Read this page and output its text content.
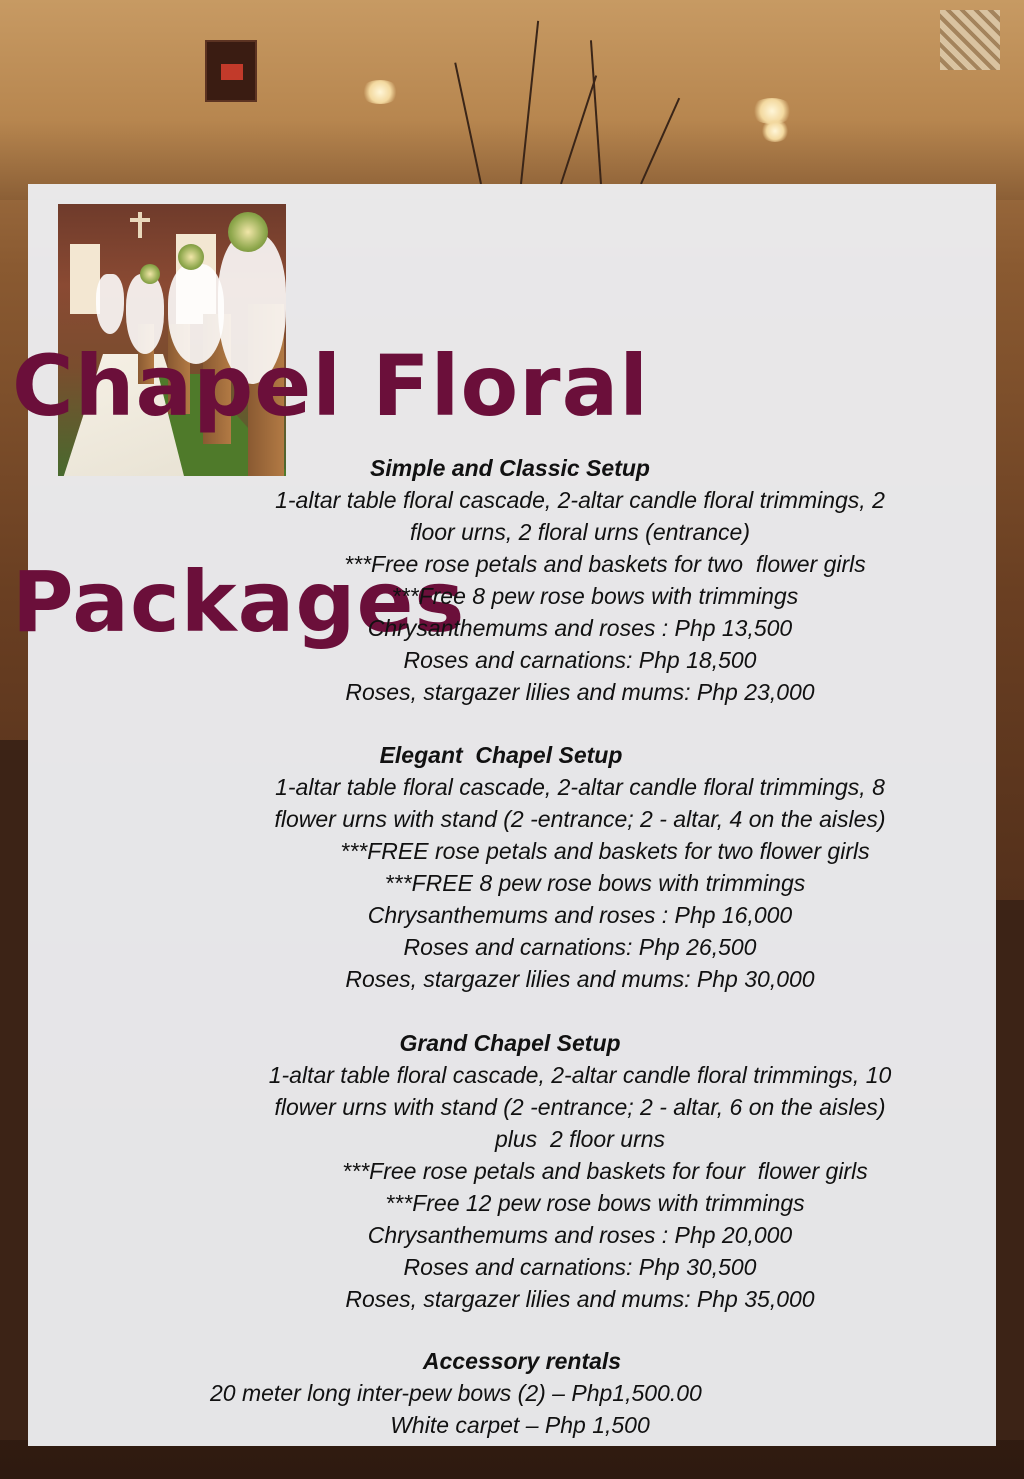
Chapel Floral
Packages
Simple and Classic Setup
1-altar table floral cascade, 2-altar candle floral trimmings, 2
floor urns, 2 floral urns (entrance)
***Free rose petals and baskets for two  flower girls
***Free 8 pew rose bows with trimmings
Chrysanthemums and roses : Php 13,500
Roses and carnations: Php 18,500
Roses, stargazer lilies and mums: Php 23,000
Elegant  Chapel Setup
1-altar table floral cascade, 2-altar candle floral trimmings, 8
flower urns with stand (2 -entrance; 2 - altar, 4 on the aisles)
***FREE rose petals and baskets for two flower girls
***FREE 8 pew rose bows with trimmings
Chrysanthemums and roses : Php 16,000
Roses and carnations: Php 26,500
Roses, stargazer lilies and mums: Php 30,000
Grand Chapel Setup
1-altar table floral cascade, 2-altar candle floral trimmings, 10
flower urns with stand (2 -entrance; 2 - altar, 6 on the aisles)
plus  2 floor urns
***Free rose petals and baskets for four  flower girls
***Free 12 pew rose bows with trimmings
Chrysanthemums and roses : Php 20,000
Roses and carnations: Php 30,500
Roses, stargazer lilies and mums: Php 35,000
Accessory rentals
20 meter long inter-pew bows (2) – Php1,500.00
White carpet – Php 1,500
